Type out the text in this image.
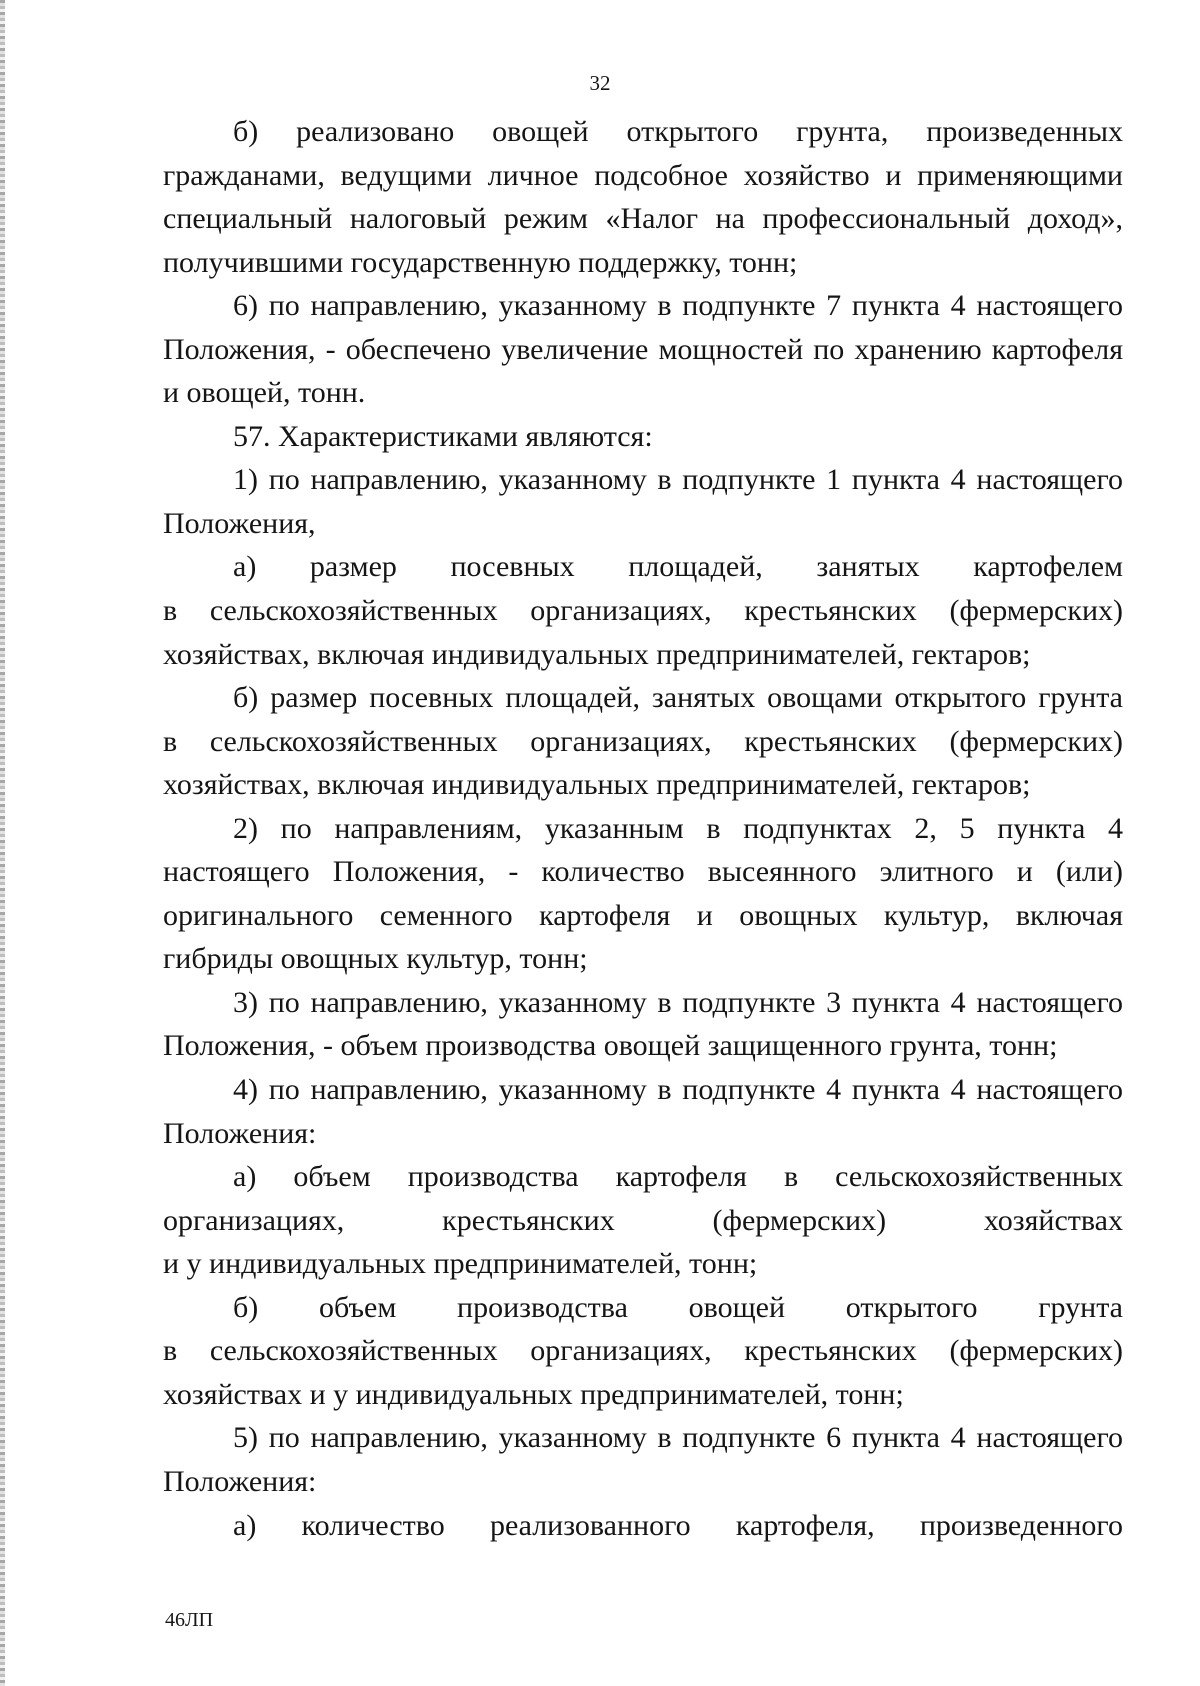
32
б) реализовано овощей открытого грунта, произведенных
гражданами, ведущими личное подсобное хозяйство и применяющими
специальный налоговый режим «Налог на профессиональный доход»,
получившими государственную поддержку, тонн;
6) по направлению, указанному в подпункте 7 пункта 4 настоящего
Положения, - обеспечено увеличение мощностей по хранению картофеля
и овощей, тонн.
57. Характеристиками являются:
1) по направлению, указанному в подпункте 1 пункта 4 настоящего
Положения,
а) размер посевных площадей, занятых картофелем
в сельскохозяйственных организациях, крестьянских (фермерских)
хозяйствах, включая индивидуальных предпринимателей, гектаров;
б) размер посевных площадей, занятых овощами открытого грунта
в сельскохозяйственных организациях, крестьянских (фермерских)
хозяйствах, включая индивидуальных предпринимателей, гектаров;
2) по направлениям, указанным в подпунктах 2, 5 пункта 4
настоящего Положения, - количество высеянного элитного и (или)
оригинального семенного картофеля и овощных культур, включая
гибриды овощных культур, тонн;
3) по направлению, указанному в подпункте 3 пункта 4 настоящего
Положения, - объем производства овощей защищенного грунта, тонн;
4) по направлению, указанному в подпункте 4 пункта 4 настоящего
Положения:
а) объем производства картофеля в сельскохозяйственных
организациях, крестьянских (фермерских) хозяйствах
и у индивидуальных предпринимателей, тонн;
б) объем производства овощей открытого грунта
в сельскохозяйственных организациях, крестьянских (фермерских)
хозяйствах и у индивидуальных предпринимателей, тонн;
5) по направлению, указанному в подпункте 6 пункта 4 настоящего
Положения:
а) количество реализованного картофеля, произведенного
46ЛП
